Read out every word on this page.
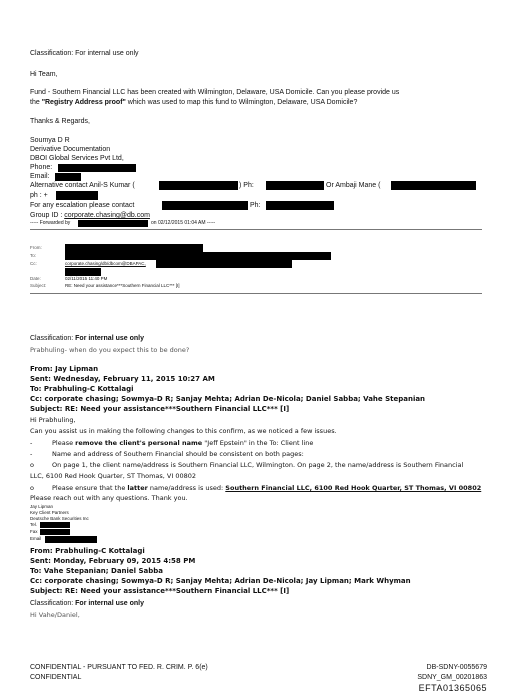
Classification: For internal use only
Hi Team,
Fund - Southern Financial LLC has been created with Wilmington, Delaware, USA Domicile. Can you please provide us
the "Registry Address proof" which was used to map this fund to Wilmington, Delaware, USA Domicile?
Thanks & Regards,
Soumya D R
Derivative Documentation
DBOI Global Services Pvt Ltd,
Phone:
Email:
Alternative contact Anil-S Kumar (	) Ph:	Or Ambaji Mane (
ph : +
For any escalation please contact	Ph:
Group ID : corporate.chasing@db.com
----- Forwarded by	on 02/12/2015 01:04 AM -----
From:
To:
Cc:	corporate.chasing/db/dbcom@DBAPAC,
Date:	02/11/2015 11:40 PM
Subject:	RE: Need your assistance***Southern Financial LLC*** [I]
Classification: For internal use only
Prabhuling- when do you expect this to be done?
From: Jay Lipman
Sent: Wednesday, February 11, 2015 10:27 AM
To: Prabhuling-C Kottalagi
Cc: corporate chasing; Sowmya-D R; Sanjay Mehta; Adrian De-Nicola; Daniel Sabba; Vahe Stepanian
Subject: RE: Need your assistance***Southern Financial LLC*** [I]
Hi Prabhuling,
Can you assist us in making the following changes to this confirm, as we noticed a few issues.
-	Please remove the client's personal name "Jeff Epstein" in the To: Client line
-	Name and address of Southern Financial should be consistent on both pages:
o	On page 1, the client name/address is Southern Financial LLC, Wilmington. On page 2, the name/address is Southern Financial
LLC, 6100 Red Hook Quarter, ST Thomas, VI 00802
o	Please ensure that the latter name/address is used: Southern Financial LLC, 6100 Red Hook Quarter, ST Thomas, VI 00802
Please reach out with any questions. Thank you.
Jay Lipman
Key Client Partners
Deutsche Bank Securities Inc
Tel.
Fax
Email
From: Prabhuling-C Kottalagi
Sent: Monday, February 09, 2015 4:58 PM
To: Vahe Stepanian; Daniel Sabba
Cc: corporate chasing; Sowmya-D R; Sanjay Mehta; Adrian De-Nicola; Jay Lipman; Mark Whyman
Subject: RE: Need your assistance***Southern Financial LLC*** [I]
Classification: For internal use only
Hi Vahe/Daniel,
CONFIDENTIAL - PURSUANT TO FED. R. CRIM. P. 6(e)
CONFIDENTIAL
DB-SDNY-0055679
SDNY_GM_00201863
EFTA01365065
